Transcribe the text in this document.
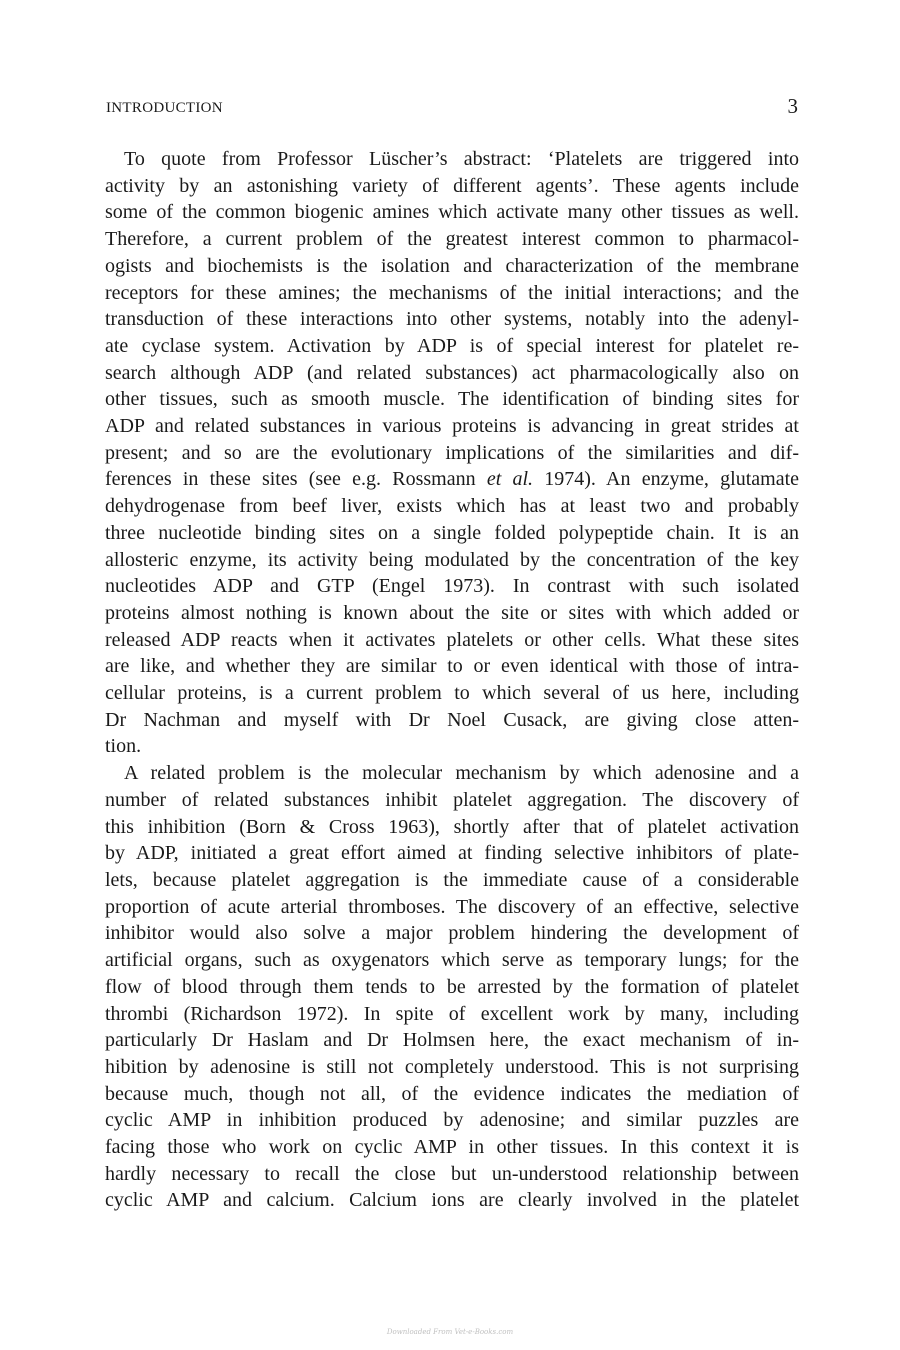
INTRODUCTION	3
To quote from Professor Lüscher’s abstract: ‘Platelets are triggered into
activity by an astonishing variety of different agents’. These agents include
some of the common biogenic amines which activate many other tissues as well.
Therefore, a current problem of the greatest interest common to pharmacol-
ogists and biochemists is the isolation and characterization of the membrane
receptors for these amines; the mechanisms of the initial interactions; and the
transduction of these interactions into other systems, notably into the adenyl-
ate cyclase system. Activation by ADP is of special interest for platelet re-
search although ADP (and related substances) act pharmacologically also on
other tissues, such as smooth muscle. The identification of binding sites for
ADP and related substances in various proteins is advancing in great strides at
present; and so are the evolutionary implications of the similarities and dif-
ferences in these sites (see e.g. Rossmann et al. 1974). An enzyme, glutamate
dehydrogenase from beef liver, exists which has at least two and probably
three nucleotide binding sites on a single folded polypeptide chain. It is an
allosteric enzyme, its activity being modulated by the concentration of the key
nucleotides ADP and GTP (Engel 1973). In contrast with such isolated
proteins almost nothing is known about the site or sites with which added or
released ADP reacts when it activates platelets or other cells. What these sites
are like, and whether they are similar to or even identical with those of intra-
cellular proteins, is a current problem to which several of us here, including
Dr Nachman and myself with Dr Noel Cusack, are giving close atten-
tion.
A related problem is the molecular mechanism by which adenosine and a
number of related substances inhibit platelet aggregation. The discovery of
this inhibition (Born & Cross 1963), shortly after that of platelet activation
by ADP, initiated a great effort aimed at finding selective inhibitors of plate-
lets, because platelet aggregation is the immediate cause of a considerable
proportion of acute arterial thromboses. The discovery of an effective, selective
inhibitor would also solve a major problem hindering the development of
artificial organs, such as oxygenators which serve as temporary lungs; for the
flow of blood through them tends to be arrested by the formation of platelet
thrombi (Richardson 1972). In spite of excellent work by many, including
particularly Dr Haslam and Dr Holmsen here, the exact mechanism of in-
hibition by adenosine is still not completely understood. This is not surprising
because much, though not all, of the evidence indicates the mediation of
cyclic AMP in inhibition produced by adenosine; and similar puzzles are
facing those who work on cyclic AMP in other tissues. In this context it is
hardly necessary to recall the close but un-understood relationship between
cyclic AMP and calcium. Calcium ions are clearly involved in the platelet
Downloaded From Vet-e-Books.com
